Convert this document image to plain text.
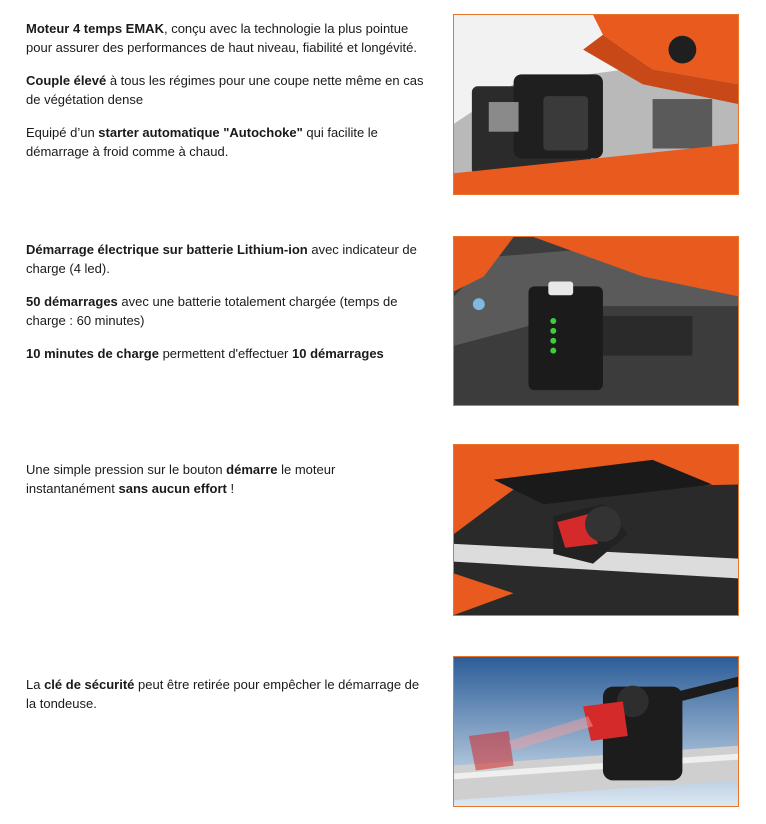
Moteur 4 temps EMAK, conçu avec la technologie la plus pointue pour assurer des performances de haut niveau, fiabilité et longévité.

Couple élevé à tous les régimes pour une coupe nette même en cas de végétation dense

Equipé d’un starter automatique "Autochoke" qui facilite le démarrage à froid comme à chaud.

Démarrage électrique sur batterie Lithium-ion avec indicateur de charge (4 led).

50 démarrages avec une batterie totalement chargée (temps de charge : 60 minutes)

10 minutes de charge permettent d'effectuer 10 démarrages

Une simple pression sur le bouton démarre le moteur instantanément sans aucun effort !

La clé de sécurité peut être retirée pour empêcher le démarrage de la tondeuse.
